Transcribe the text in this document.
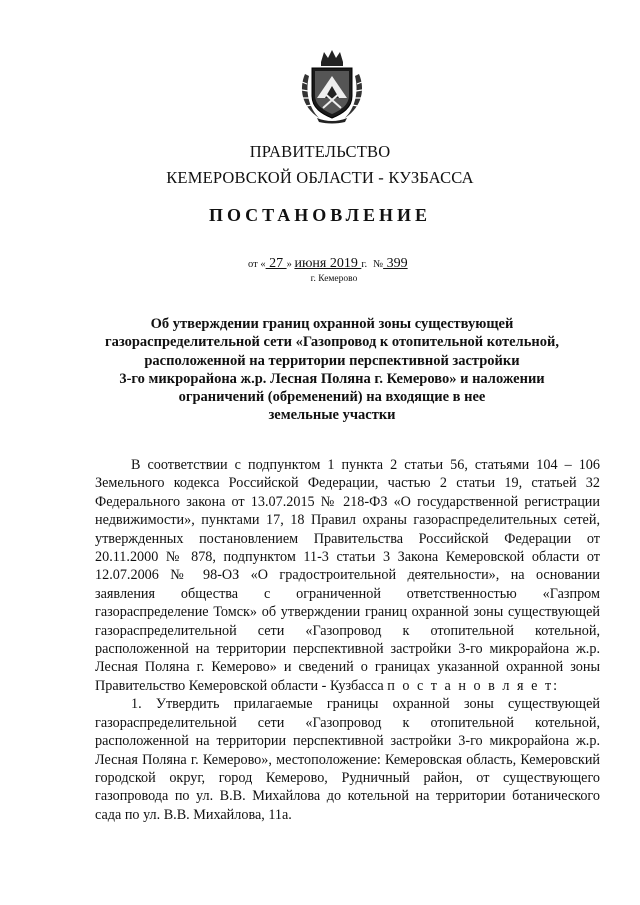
ПРАВИТЕЛЬСТВО
КЕМЕРОВСКОЙ ОБЛАСТИ - КУЗБАССА
ПОСТАНОВЛЕНИЕ
от « 27 » июня 2019 г. № 399
г. Кемерово
Об утверждении границ охранной зоны существующей
газораспределительной сети «Газопровод к отопительной котельной,
расположенной на территории перспективной застройки
3-го микрорайона ж.р. Лесная Поляна г. Кемерово» и наложении
ограничений (обременений) на входящие в нее
земельные участки

В соответствии с подпунктом 1 пункта 2 статьи 56, статьями 104 – 106 Земельного кодекса Российской Федерации, частью 2 статьи 19, статьей 32 Федерального закона от 13.07.2015 № 218-ФЗ «О государственной регистрации недвижимости», пунктами 17, 18 Правил охраны газораспределительных сетей, утвержденных постановлением Правительства Российской Федерации от 20.11.2000 № 878, подпунктом 11-3 статьи 3 Закона Кемеровской области от 12.07.2006 № 98-ОЗ «О градостроительной деятельности», на основании заявления общества с ограниченной ответственностью «Газпром газораспределение Томск» об утверждении границ охранной зоны существующей газораспределительной сети «Газопровод к отопительной котельной, расположенной на территории перспективной застройки 3-го микрорайона ж.р. Лесная Поляна г. Кемерово» и сведений о границах указанной охранной зоны Правительство Кемеровской области - Кузбасса п о с т а н о в л я е т:

1. Утвердить прилагаемые границы охранной зоны существующей газораспределительной сети «Газопровод к отопительной котельной, расположенной на территории перспективной застройки 3-го микрорайона ж.р. Лесная Поляна г. Кемерово», местоположение: Кемеровская область, Кемеровский городской округ, город Кемерово, Рудничный район, от существующего газопровода по ул. В.В. Михайлова до котельной на территории ботанического сада по ул. В.В. Михайлова, 11а.
